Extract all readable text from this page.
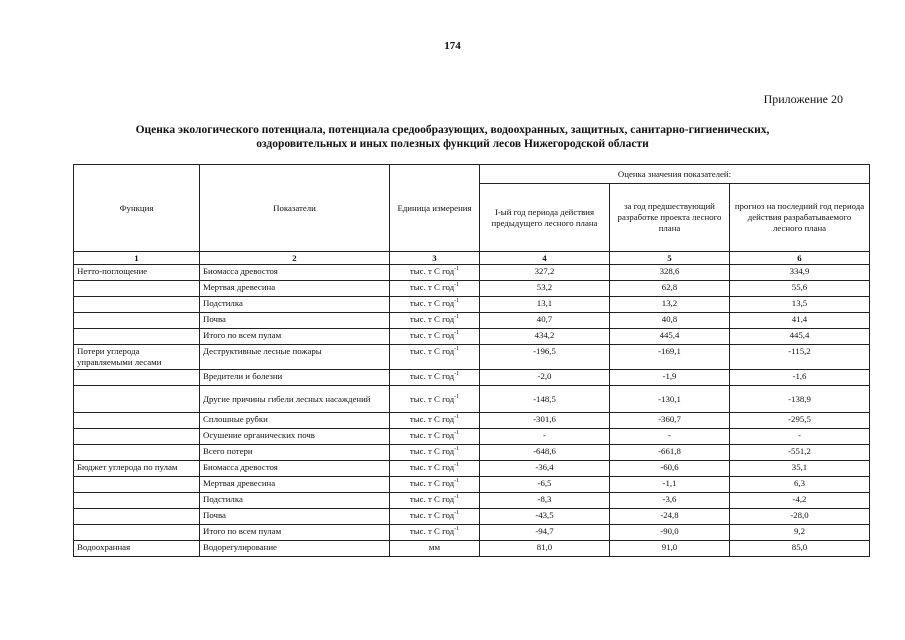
174
Приложение 20
Оценка экологического потенциала, потенциала средообразующих, водоохранных, защитных, санитарно-гигиенических,
оздоровительных и иных полезных функций лесов Нижегородской области
Функция	Показатели	Единица измерения	Оценка значения показателей:		
			I-ый год периода действия предыдущего лесного плана	за год предшествующий разработке проекта лесного плана	прогноз на последний год периода действия разрабатываемого лесного плана
1	2	3	4	5	6
Нетто-поглощение	Биомасса древостоя	тыс. т С год$^{-1}$	327,2	328,6	334,9
	Мертвая древесина	тыс. т С год$^{-1}$	53,2	62,8	55,6
	Подстилка	тыс. т С год$^{-1}$	13,1	13,2	13,5
	Почва	тыс. т С год$^{-1}$	40,7	40,8	41,4
	Итого по всем пулам	тыс. т С год$^{-1}$	434,2	445,4	445,4
Потери углерода управляемыми лесами	Деструктивные лесные пожары	тыс. т С год$^{-1}$	-196,5	-169,1	-115,2
	Вредители и болезни	тыс. т С год$^{-1}$	-2,0	-1,9	-1,6
	Другие причины гибели лесных насаждений	тыс. т С год$^{-1}$	-148,5	-130,1	-138,9
	Сплошные рубки	тыс. т С год$^{-1}$	-301,6	-360,7	-295,5
	Осушение органических почв	тыс. т С год$^{-1}$	-	-	-
	Всего потери	тыс. т С год$^{-1}$	-648,6	-661,8	-551,2
Бюджет углерода по пулам	Биомасса древостоя	тыс. т С год$^{-1}$	-36,4	-60,6	35,1
	Мертвая древесина	тыс. т С год$^{-1}$	-6,5	-1,1	6,3
	Подстилка	тыс. т С год$^{-1}$	-8,3	-3,6	-4,2
	Почва	тыс. т С год$^{-1}$	-43,5	-24,8	-28,0
	Итого по всем пулам	тыс. т С год$^{-1}$	-94,7	-90,0	9,2
Водоохранная	Водорегулирование	мм	81,0	91,0	85,0
